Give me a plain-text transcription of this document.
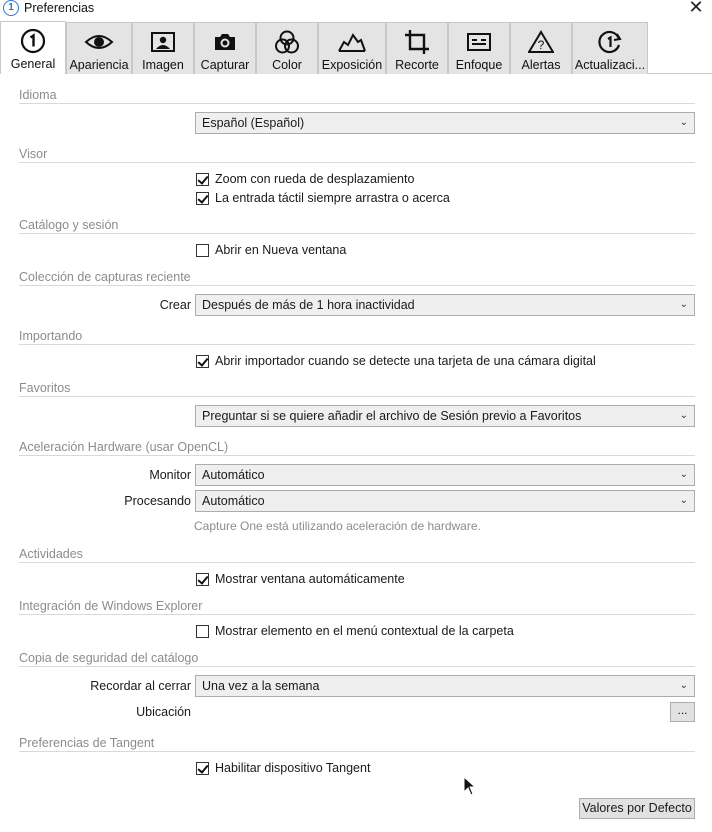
1 Preferencias	✕
General	Apariencia	Imagen	Capturar	Color	Exposición	Recorte	Enfoque
?
Alertas	Actualizaci...
Idioma
Español (Español)	⌄
Visor
Zoom con rueda de desplazamiento
La entrada táctil siempre arrastra o acerca
Catálogo y sesión
Abrir en Nueva ventana
Colección de capturas reciente
Crear Después de más de 1 hora inactividad	⌄
Importando
Abrir importador cuando se detecte una tarjeta de una cámara digital
Favoritos
Preguntar si se quiere añadir el archivo de Sesión previo a Favoritos	⌄
Aceleración Hardware (usar OpenCL)
Monitor Automático	⌄
Procesando Automático	⌄
Capture One está utilizando aceleración de hardware.
Actividades
Mostrar ventana automáticamente
Integración de Windows Explorer
Mostrar elemento en el menú contextual de la carpeta
Copia de seguridad del catálogo
Recordar al cerrar Una vez a la semana	⌄
Ubicación	...
Preferencias de Tangent
Habilitar dispositivo Tangent
Valores por Defecto
